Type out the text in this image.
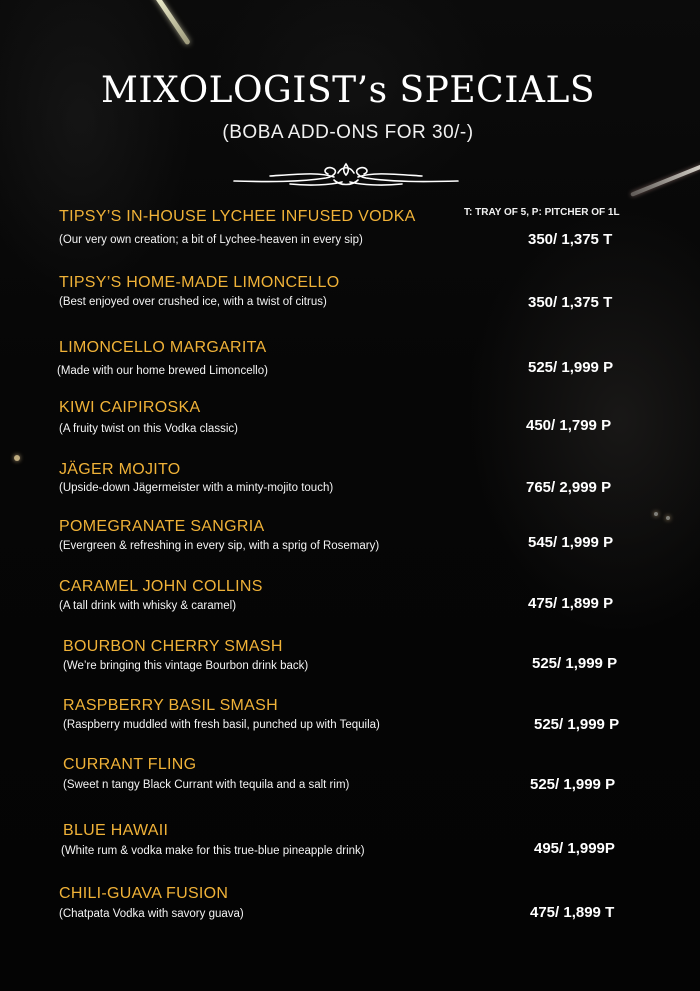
MIXOLOGIST’s SPECIALS
(BOBA ADD-ONS FOR 30/-)
T: TRAY OF 5, P: PITCHER OF 1L
TIPSY’S IN-HOUSE LYCHEE INFUSED VODKA
(Our very own creation; a bit of Lychee-heaven in every sip)	350/ 1,375 T
TIPSY’S HOME-MADE LIMONCELLO
(Best enjoyed over crushed ice, with a twist of citrus)	350/ 1,375 T
LIMONCELLO MARGARITA
(Made with our home brewed Limoncello)	525/ 1,999 P
KIWI CAIPIROSKA
(A fruity twist on this Vodka classic)	450/ 1,799 P
JÄGER MOJITO
(Upside-down Jägermeister with a minty-mojito touch)	765/ 2,999 P
POMEGRANATE SANGRIA
(Evergreen & refreshing in every sip, with a sprig of Rosemary)	545/ 1,999 P
CARAMEL JOHN COLLINS
(A tall drink with whisky & caramel)	475/ 1,899 P
BOURBON CHERRY SMASH
(We’re bringing this vintage Bourbon drink back)	525/ 1,999 P
RASPBERRY BASIL SMASH
(Raspberry muddled with fresh basil, punched up with Tequila)	525/ 1,999 P
CURRANT FLING
(Sweet n tangy Black Currant with tequila and a salt rim)	525/ 1,999 P
BLUE HAWAII
(White rum & vodka make for this true-blue pineapple drink)	495/ 1,999P
CHILI-GUAVA FUSION
(Chatpata Vodka with savory guava)	475/ 1,899 T
